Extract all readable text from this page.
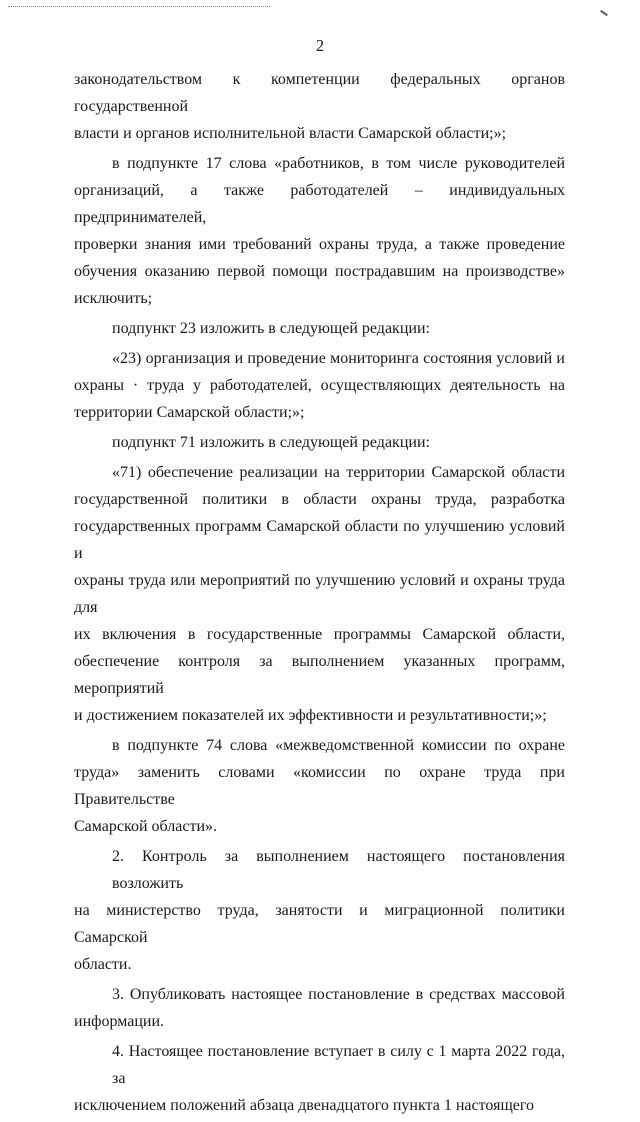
2

законодательством к компетенции федеральных органов государственной
власти и органов исполнительной власти Самарской области;»;

в подпункте 17 слова «работников, в том числе руководителей
организаций, а также работодателей – индивидуальных предпринимателей,
проверки знания ими требований охраны труда, а также проведение
обучения оказанию первой помощи пострадавшим на производстве»
исключить;

подпункт 23 изложить в следующей редакции:

«23) организация и проведение мониторинга состояния условий и
охраны · труда у работодателей, осуществляющих деятельность на
территории Самарской области;»;

подпункт 71 изложить в следующей редакции:

«71) обеспечение реализации на территории Самарской области
государственной политики в области охраны труда, разработка
государственных программ Самарской области по улучшению условий и
охраны труда или мероприятий по улучшению условий и охраны труда для
их включения в государственные программы Самарской области,
обеспечение контроля за выполнением указанных программ, мероприятий
и достижением показателей их эффективности и результативности;»;

в подпункте 74 слова «межведомственной комиссии по охране
труда» заменить словами «комиссии по охране труда при Правительстве
Самарской области».

2. Контроль за выполнением настоящего постановления возложить
на министерство труда, занятости и миграционной политики Самарской
области.

3. Опубликовать настоящее постановление в средствах массовой
информации.

4. Настоящее постановление вступает в силу с 1 марта 2022 года, за
исключением положений абзаца двенадцатого пункта 1 настоящего
